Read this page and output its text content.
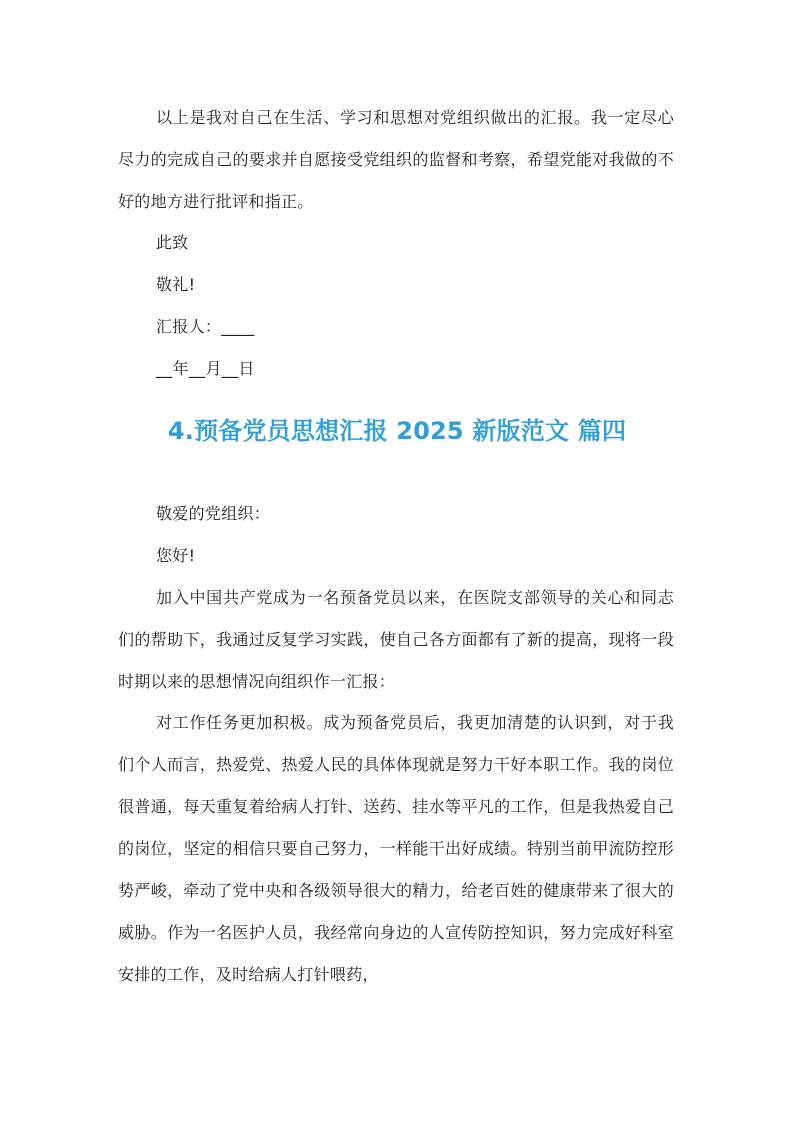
以上是我对自己在生活、学习和思想对党组织做出的汇报。我一定尽心尽力的完成自己的要求并自愿接受党组织的监督和考察，希望党能对我做的不好的地方进行批评和指正。

此致

敬礼!

汇报人：____

__年__月__日

4.预备党员思想汇报 2025 新版范文 篇四

敬爱的党组织：

您好!

加入中国共产党成为一名预备党员以来，在医院支部领导的关心和同志们的帮助下，我通过反复学习实践，使自己各方面都有了新的提高，现将一段时期以来的思想情况向组织作一汇报：

对工作任务更加积极。成为预备党员后，我更加清楚的认识到，对于我们个人而言，热爱党、热爱人民的具体体现就是努力干好本职工作。我的岗位很普通，每天重复着给病人打针、送药、挂水等平凡的工作，但是我热爱自己的岗位，坚定的相信只要自己努力，一样能干出好成绩。特别当前甲流防控形势严峻，牵动了党中央和各级领导很大的精力，给老百姓的健康带来了很大的威胁。作为一名医护人员，我经常向身边的人宣传防控知识，努力完成好科室安排的工作，及时给病人打针喂药，
